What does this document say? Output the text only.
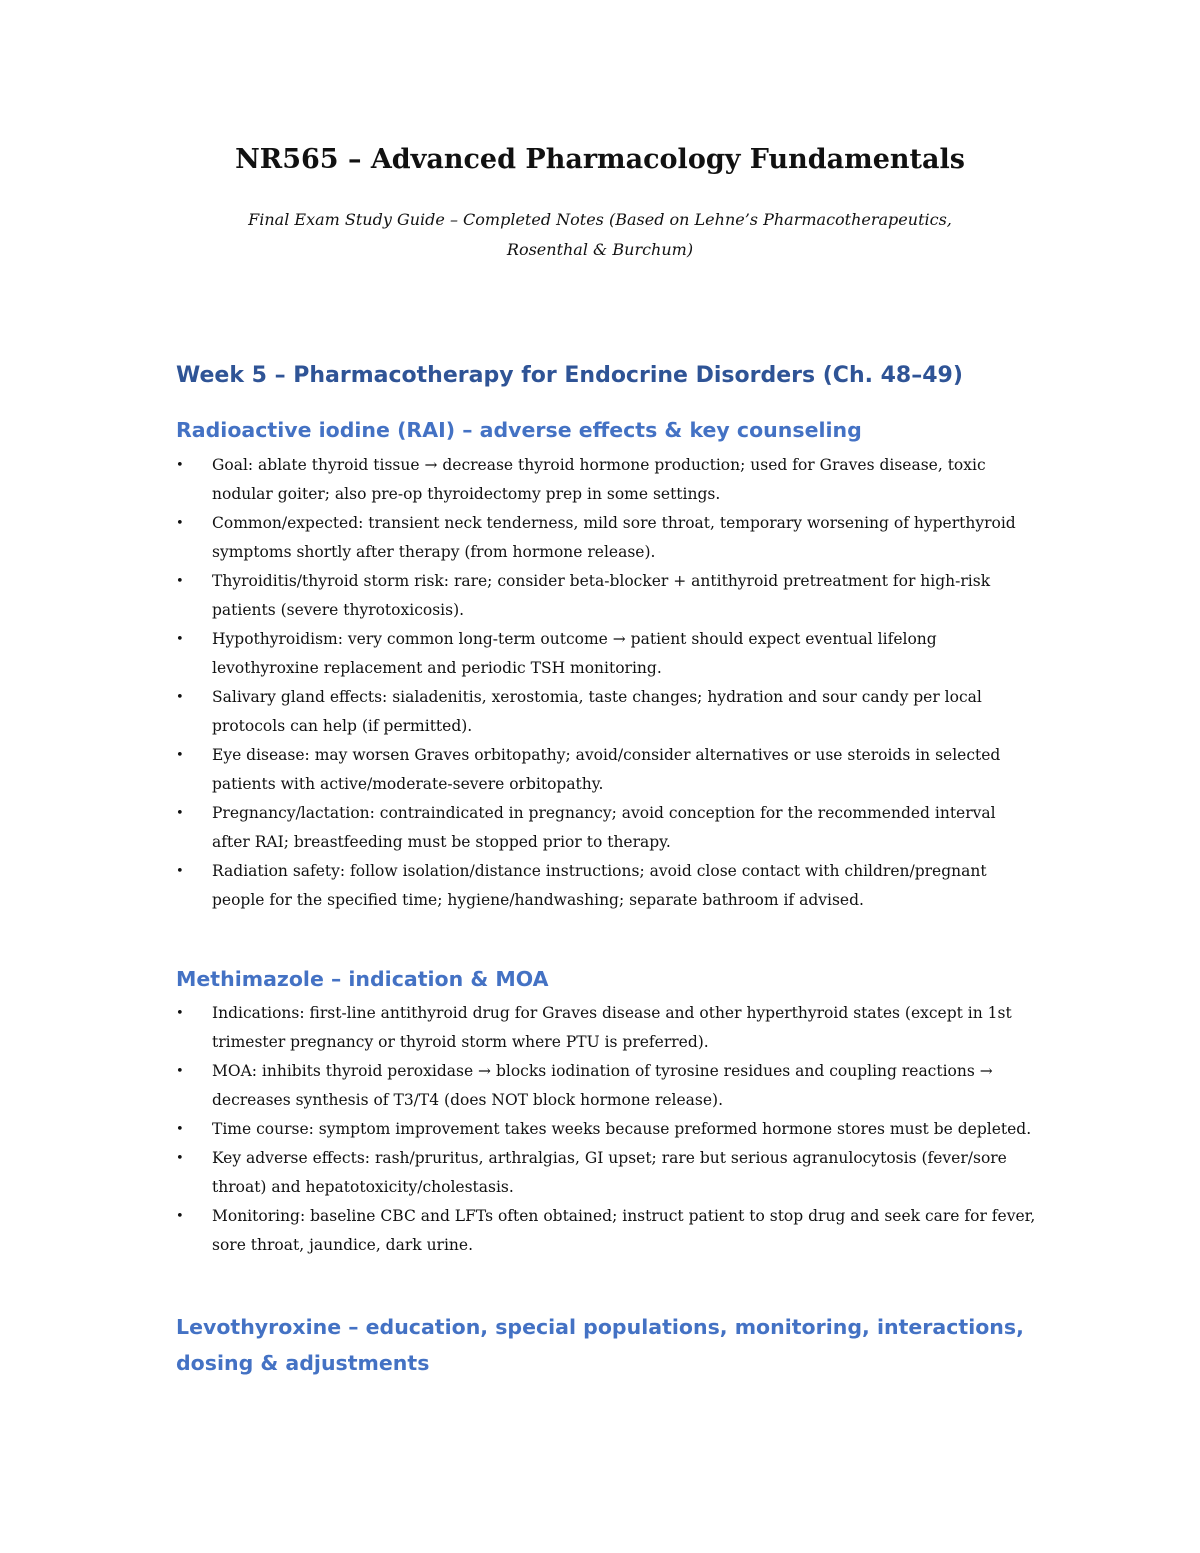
NR565 – Advanced Pharmacology Fundamentals
Final Exam Study Guide – Completed Notes (Based on Lehne’s Pharmacotherapeutics,
Rosenthal & Burchum)
Week 5 – Pharmacotherapy for Endocrine Disorders (Ch. 48–49)
Radioactive iodine (RAI) – adverse effects & key counseling
•	Goal: ablate thyroid tissue → decrease thyroid hormone production; used for Graves disease, toxic nodular goiter; also pre-op thyroidectomy prep in some settings.
•	Common/expected: transient neck tenderness, mild sore throat, temporary worsening of hyperthyroid symptoms shortly after therapy (from hormone release).
•	Thyroiditis/thyroid storm risk: rare; consider beta-blocker + antithyroid pretreatment for high-risk patients (severe thyrotoxicosis).
•	Hypothyroidism: very common long-term outcome → patient should expect eventual lifelong levothyroxine replacement and periodic TSH monitoring.
•	Salivary gland effects: sialadenitis, xerostomia, taste changes; hydration and sour candy per local protocols can help (if permitted).
•	Eye disease: may worsen Graves orbitopathy; avoid/consider alternatives or use steroids in selected patients with active/moderate-severe orbitopathy.
•	Pregnancy/lactation: contraindicated in pregnancy; avoid conception for the recommended interval after RAI; breastfeeding must be stopped prior to therapy.
•	Radiation safety: follow isolation/distance instructions; avoid close contact with children/pregnant people for the specified time; hygiene/handwashing; separate bathroom if advised.
Methimazole – indication & MOA
•	Indications: first-line antithyroid drug for Graves disease and other hyperthyroid states (except in 1st trimester pregnancy or thyroid storm where PTU is preferred).
•	MOA: inhibits thyroid peroxidase → blocks iodination of tyrosine residues and coupling reactions → decreases synthesis of T3/T4 (does NOT block hormone release).
•	Time course: symptom improvement takes weeks because preformed hormone stores must be depleted.
•	Key adverse effects: rash/pruritus, arthralgias, GI upset; rare but serious agranulocytosis (fever/sore throat) and hepatotoxicity/cholestasis.
•	Monitoring: baseline CBC and LFTs often obtained; instruct patient to stop drug and seek care for fever, sore throat, jaundice, dark urine.
Levothyroxine – education, special populations, monitoring, interactions, dosing & adjustments
